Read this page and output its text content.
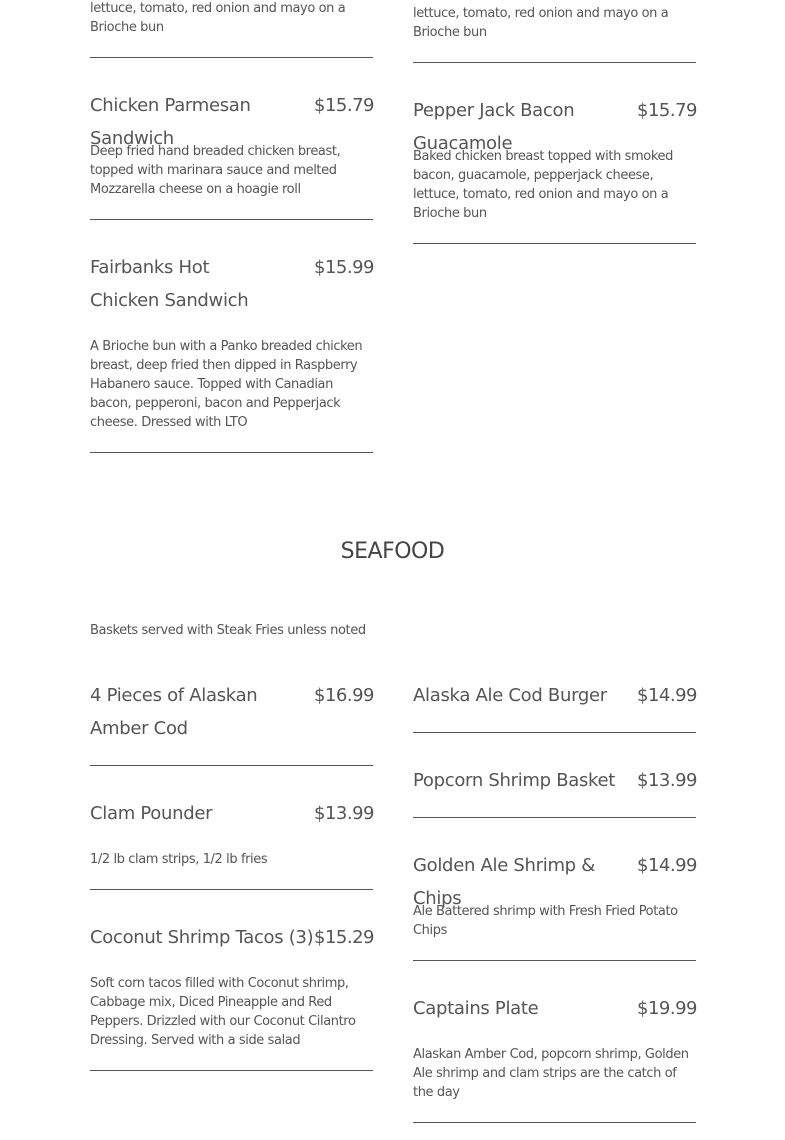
lettuce, tomato, red onion and mayo on a Brioche bun
lettuce, tomato, red onion and mayo on a Brioche bun
Chicken Parmesan Sandwich
$15.79
Deep fried hand breaded chicken breast, topped with marinara sauce and melted Mozzarella cheese on a hoagie roll
Pepper Jack Bacon Guacamole
$15.79
Baked chicken breast topped with smoked bacon, guacamole, pepperjack cheese, lettuce, tomato, red onion and mayo on a Brioche bun
Fairbanks Hot Chicken Sandwich
$15.99
A Brioche bun with a Panko breaded chicken breast, deep fried then dipped in Raspberry Habanero sauce. Topped with Canadian bacon, pepperoni, bacon and Pepperjack cheese. Dressed with LTO
SEAFOOD
Baskets served with Steak Fries unless noted
4 Pieces of Alaskan Amber Cod
$16.99 Alaska Ale Cod Burger	$14.99
Popcorn Shrimp Basket	$13.99
Clam Pounder	$13.99
1/2 lb clam strips, 1/2 lb fries	Golden Ale Shrimp & Chips
$14.99
Ale Battered shrimp with Fresh Fried Potato Chips
Coconut Shrimp Tacos (3) $15.29
Soft corn tacos filled with Coconut shrimp, Cabbage mix, Diced Pineapple and Red Peppers. Drizzled with our Coconut Cilantro Dressing. Served with a side salad
Captains Plate	$19.99
Alaskan Amber Cod, popcorn shrimp, Golden Ale shrimp and clam strips are the catch of the day
